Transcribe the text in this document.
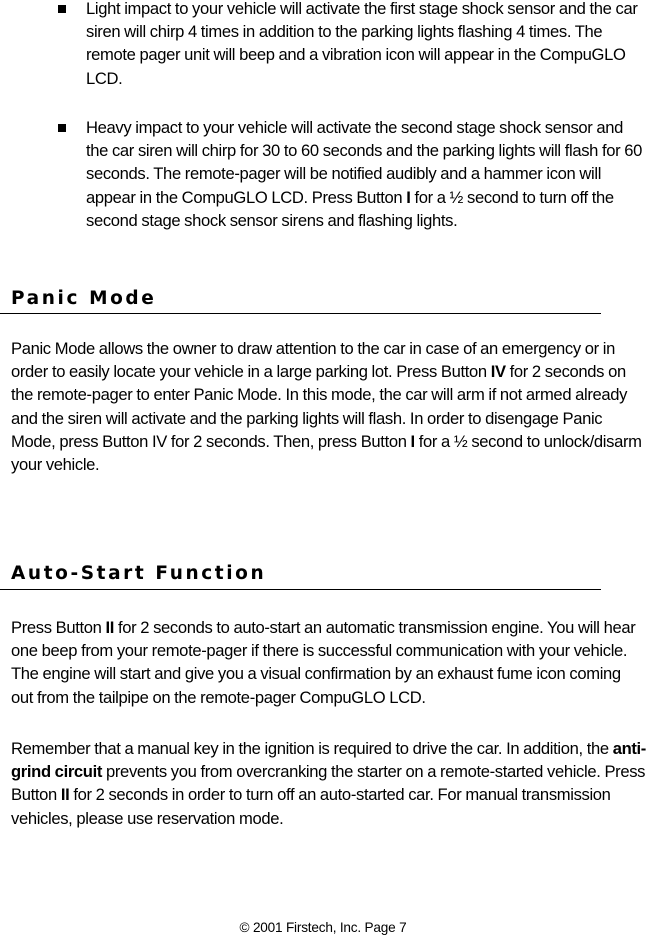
Light impact to your vehicle will activate the first stage shock sensor and the car siren will chirp 4 times in addition to the parking lights flashing 4 times. The remote pager unit will beep and a vibration icon will appear in the CompuGLO LCD.
Heavy impact to your vehicle will activate the second stage shock sensor and the car siren will chirp for 30 to 60 seconds and the parking lights will flash for 60 seconds. The remote-pager will be notified audibly and a hammer icon will appear in the CompuGLO LCD. Press Button I for a ½ second to turn off the second stage shock sensor sirens and flashing lights.
Panic Mode
Panic Mode allows the owner to draw attention to the car in case of an emergency or in order to easily locate your vehicle in a large parking lot. Press Button IV for 2 seconds on the remote-pager to enter Panic Mode. In this mode, the car will arm if not armed already and the siren will activate and the parking lights will flash. In order to disengage Panic Mode, press Button IV for 2 seconds. Then, press Button I for a ½ second to unlock/disarm your vehicle.
Auto-Start Function
Press Button II for 2 seconds to auto-start an automatic transmission engine. You will hear one beep from your remote-pager if there is successful communication with your vehicle. The engine will start and give you a visual confirmation by an exhaust fume icon coming out from the tailpipe on the remote-pager CompuGLO LCD.
Remember that a manual key in the ignition is required to drive the car. In addition, the anti-grind circuit prevents you from overcranking the starter on a remote-started vehicle. Press Button II for 2 seconds in order to turn off an auto-started car. For manual transmission vehicles, please use reservation mode.
© 2001 Firstech, Inc. Page 7
